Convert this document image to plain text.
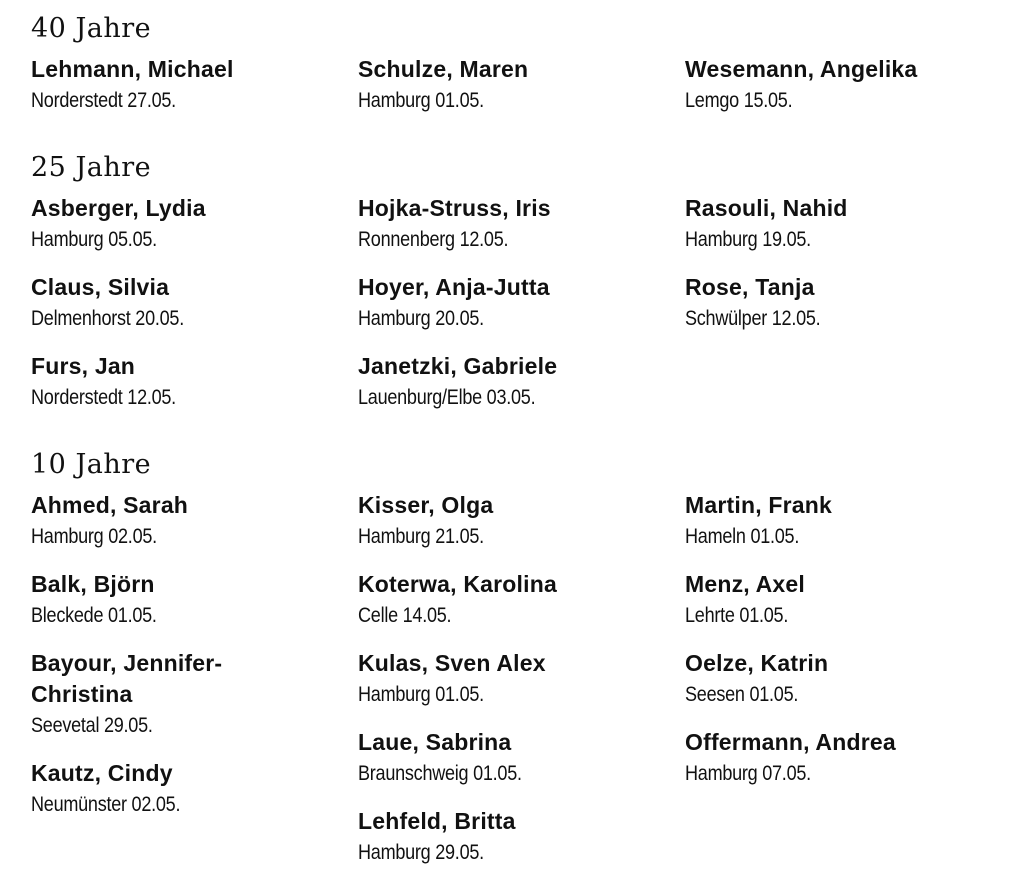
40 Jahre
Lehmann, Michael
Norderstedt 27.05.
Schulze, Maren
Hamburg 01.05.
Wesemann, Angelika
Lemgo 15.05.
25 Jahre
Asberger, Lydia
Hamburg 05.05.
Claus, Silvia
Delmenhorst 20.05.
Furs, Jan
Norderstedt 12.05.
Hojka-Struss, Iris
Ronnenberg 12.05.
Hoyer, Anja-Jutta
Hamburg 20.05.
Janetzki, Gabriele
Lauenburg/Elbe 03.05.
Rasouli, Nahid
Hamburg 19.05.
Rose, Tanja
Schwülper 12.05.
10 Jahre
Ahmed, Sarah
Hamburg 02.05.
Balk, Björn
Bleckede 01.05.
Bayour, Jennifer-Christina
Seevetal 29.05.
Kautz, Cindy
Neumünster 02.05.
Kisser, Olga
Hamburg 21.05.
Koterwa, Karolina
Celle 14.05.
Kulas, Sven Alex
Hamburg 01.05.
Laue, Sabrina
Braunschweig 01.05.
Lehfeld, Britta
Hamburg 29.05.
Martin, Frank
Hameln 01.05.
Menz, Axel
Lehrte 01.05.
Oelze, Katrin
Seesen 01.05.
Offermann, Andrea
Hamburg 07.05.
